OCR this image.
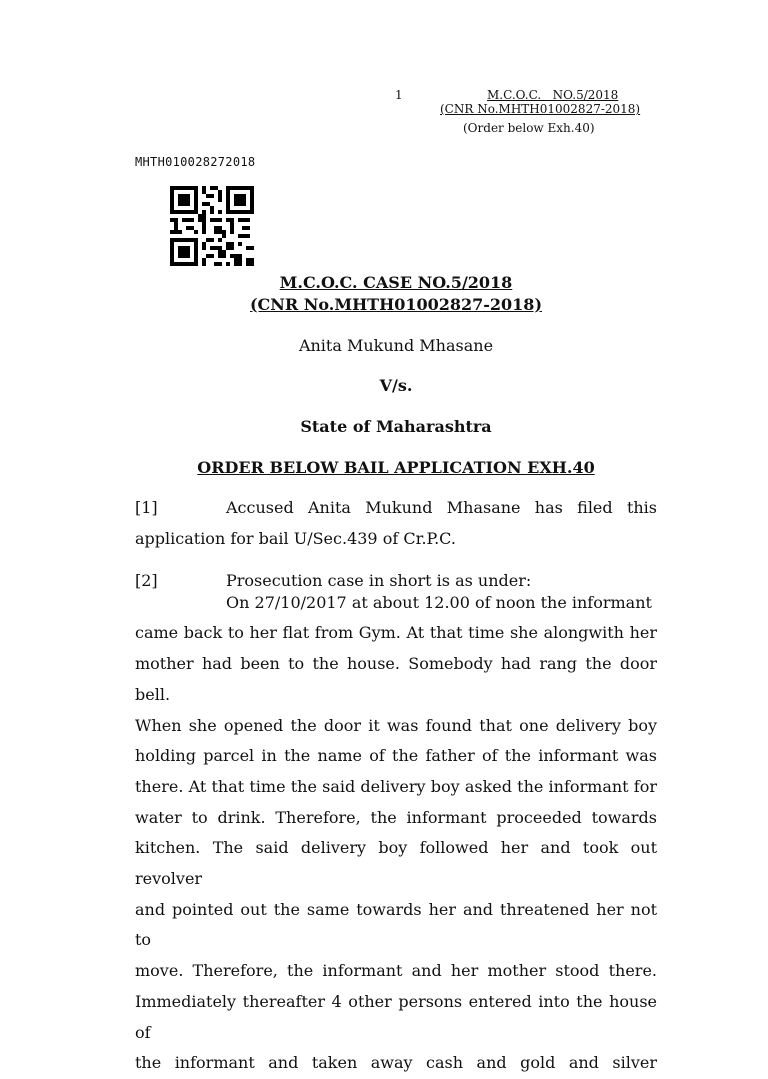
1	M.C.O.C.   NO.5/2018
(CNR No.MHTH01002827-2018)
(Order below Exh.40)
MHTH010028272018
M.C.O.C. CASE NO.5/2018
(CNR No.MHTH01002827-2018)
Anita Mukund Mhasane
V/s.
State of Maharashtra
ORDER BELOW BAIL APPLICATION EXH.40
[1]	Accused Anita Mukund Mhasane has filed this
application for bail U/Sec.439 of Cr.P.C.
[2]	Prosecution case in short is as under:
On 27/10/2017 at about 12.00 of noon the informant
came back to her flat from Gym. At that time she alongwith her
mother had been to the house. Somebody had rang the door bell.
When she opened the door it was found that one delivery boy
holding parcel in the name of the father of the informant was
there. At that time the said delivery boy asked the informant for
water to drink. Therefore, the informant proceeded towards
kitchen. The said delivery boy followed her and took out revolver
and pointed out the same towards her and threatened her not to
move. Therefore, the informant and her mother stood there.
Immediately thereafter 4 other persons entered into the house of
the informant and taken away cash and gold and silver
